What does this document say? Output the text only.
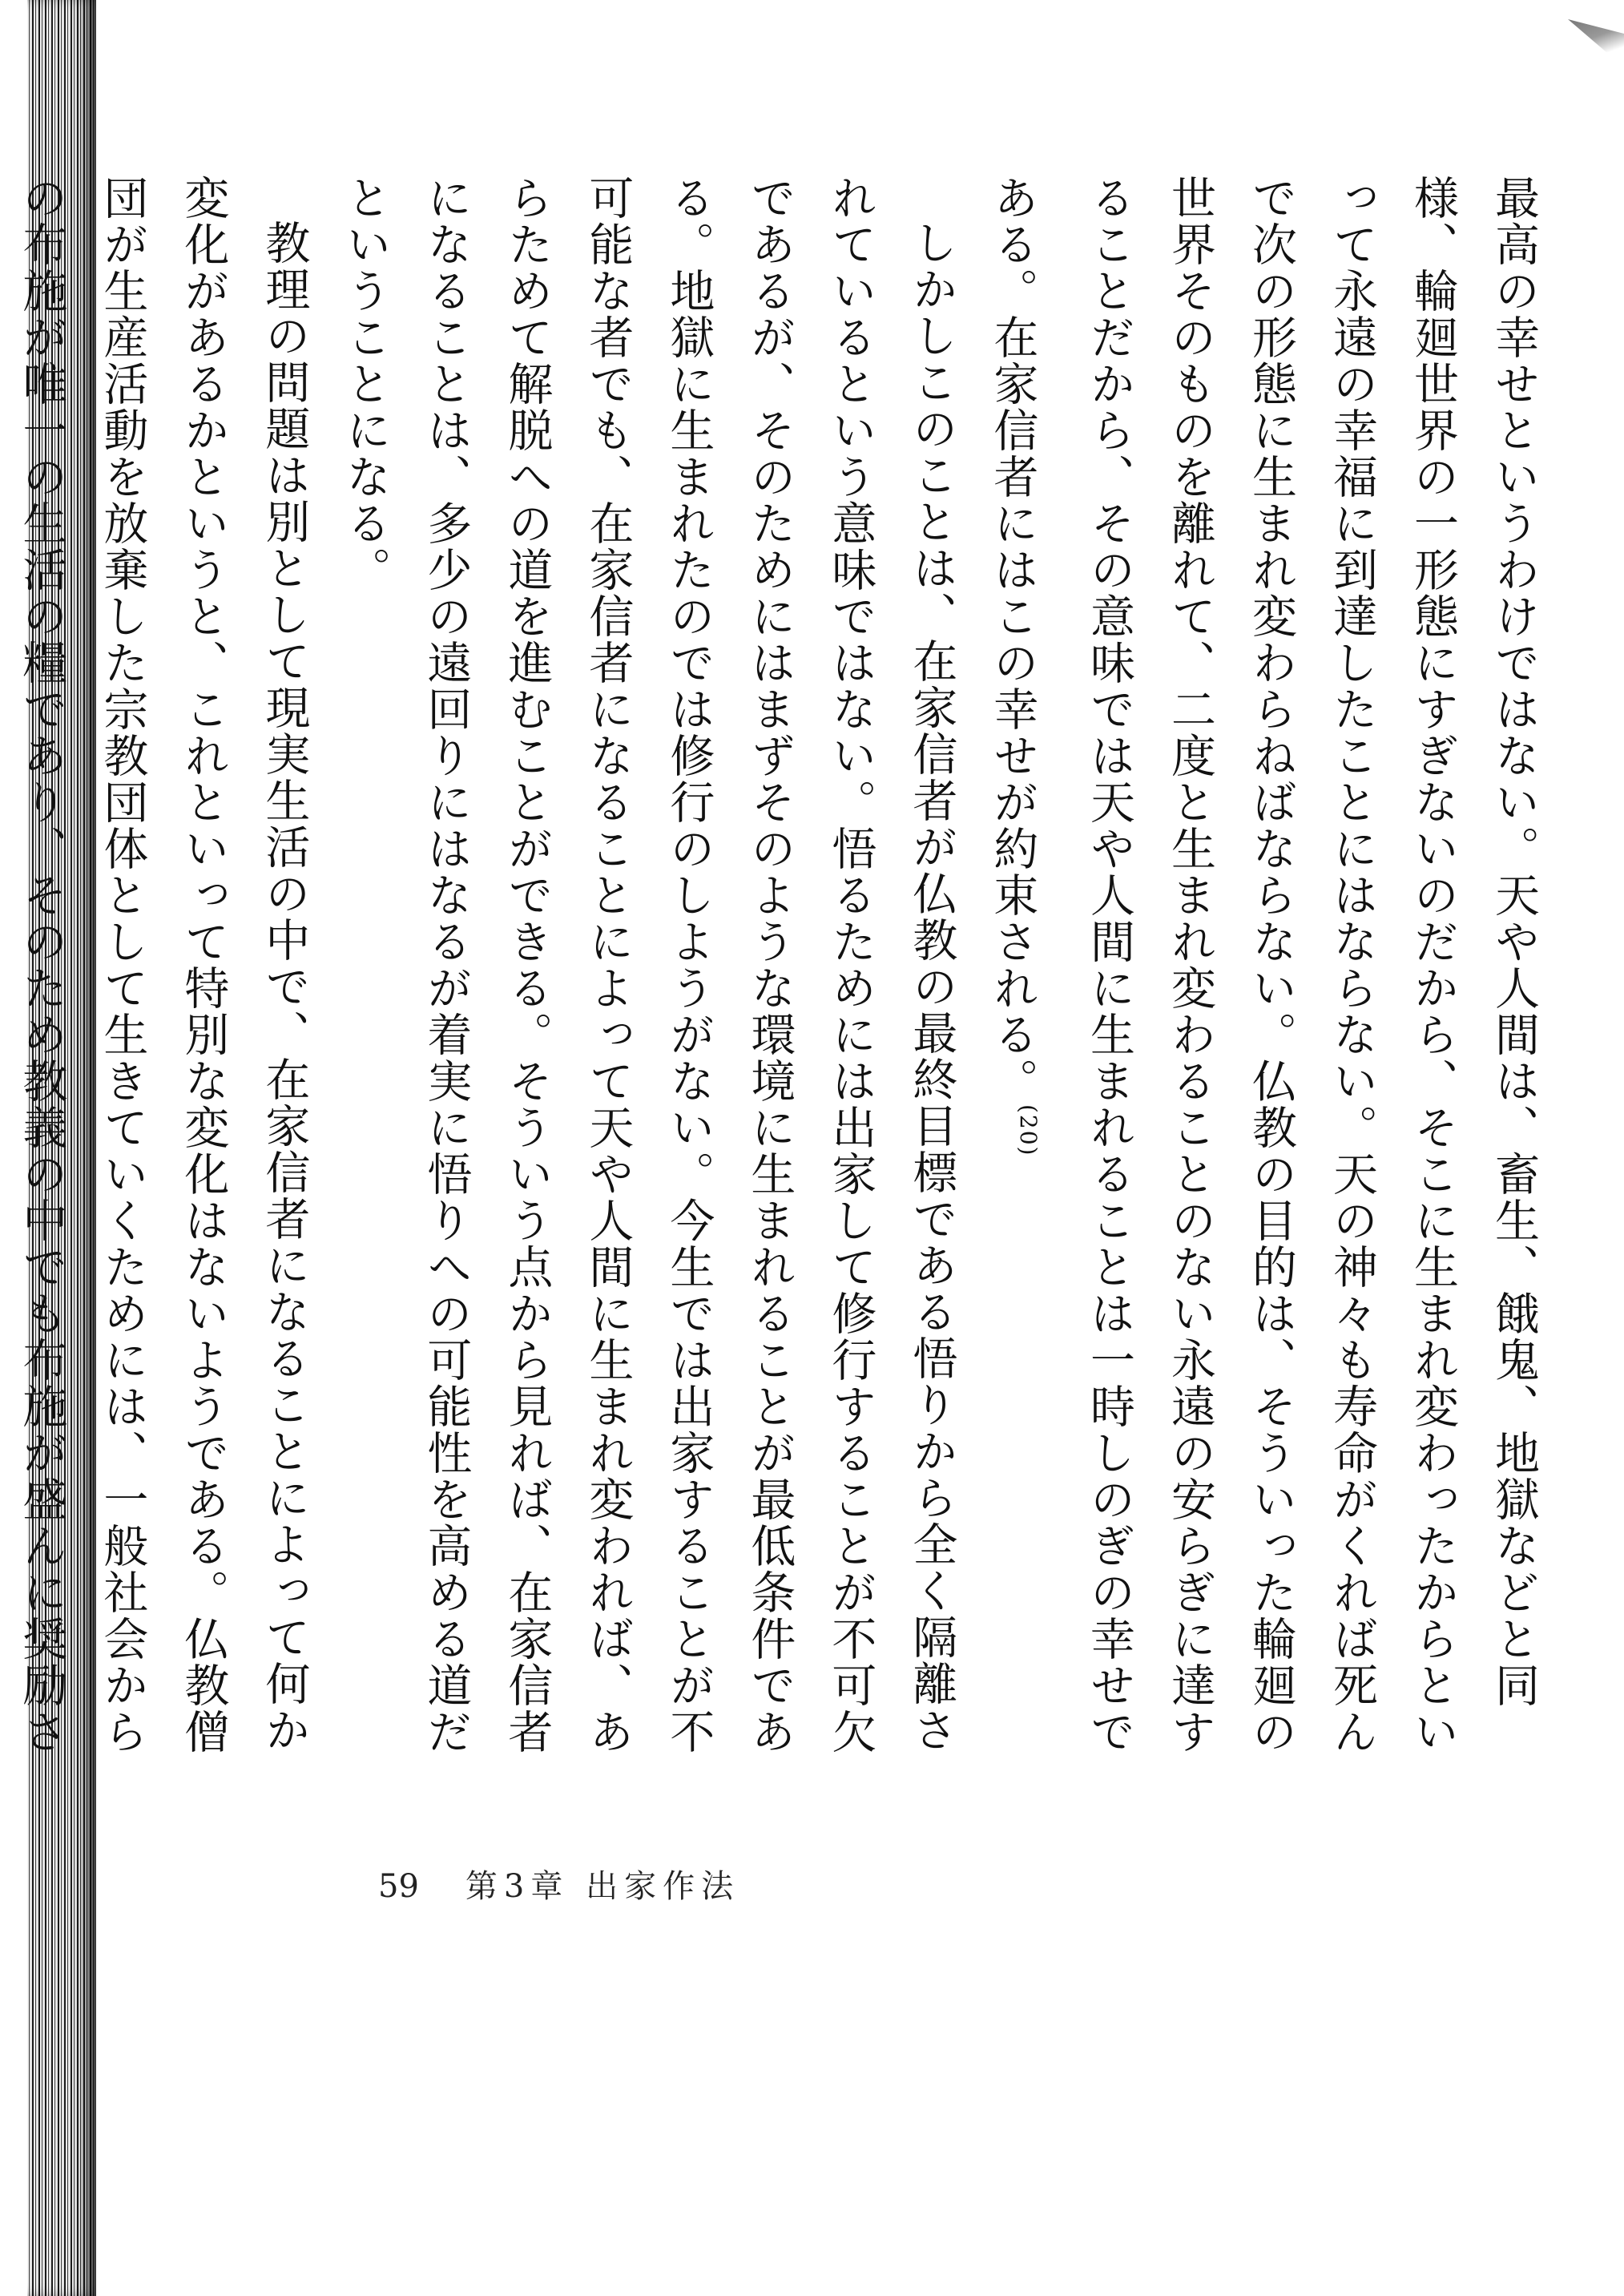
最高の幸せというわけではない。天や人間は、畜生、餓鬼、地獄などと同様、輪廻世界の一形態にすぎないのだから、そこに生まれ変わったからといって永遠の幸福に到達したことにはならない。天の神々も寿命がくれば死んで次の形態に生まれ変わらねばならない。仏教の目的は、そういった輪廻の世界そのものを離れて、二度と生まれ変わることのない永遠の安らぎに達することだから、その意味では天や人間に生まれることは一時しのぎの幸せである。在家信者にはこの幸せが約束される。$^{(20)}$

しかしこのことは、在家信者が仏教の最終目標である悟りから全く隔離されているという意味ではない。悟るためには出家して修行することが不可欠であるが、そのためにはまずそのような環境に生まれることが最低条件である。地獄に生まれたのでは修行のしようがない。今生では出家することが不可能な者でも、在家信者になることによって天や人間に生まれ変われば、あらためて解脱への道を進むことができる。そういう点から見れば、在家信者になることは、多少の遠回りにはなるが着実に悟りへの可能性を高める道だということになる。

教理の問題は別として現実生活の中で、在家信者になることによって何か変化があるかというと、これといって特別な変化はないようである。仏教僧団が生産活動を放棄した宗教団体として生きていくためには、一般社会からの布施が唯一の生活の糧であり、そのため教義の中でも布施が盛んに奨励さ

59 第3章 出家作法
